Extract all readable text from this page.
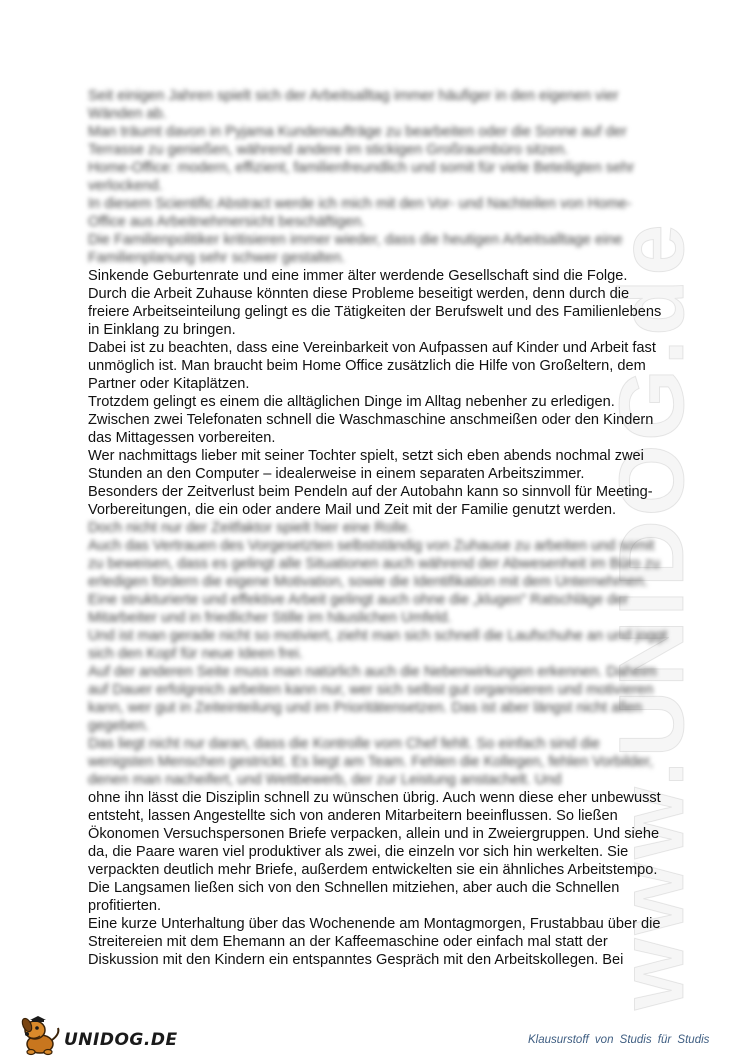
www.UNIDOG.de

Seit einigen Jahren spielt sich der Arbeitsalltag immer häufiger in den eigenen vier Wänden ab.

Man träumt davon in Pyjama Kundenaufträge zu bearbeiten oder die Sonne auf der Terrasse zu genießen, während andere im stickigen Großraumbüro sitzen.

Home-Office: modern, effizient, familienfreundlich und somit für viele Beteiligten sehr verlockend.

In diesem Scientific Abstract werde ich mich mit den Vor- und Nachteilen von Home-Office aus Arbeitnehmersicht beschäftigen.

Die Familienpolitiker kritisieren immer wieder, dass die heutigen Arbeitsalltage eine Familienplanung sehr schwer gestalten.

Sinkende Geburtenrate und eine immer älter werdende Gesellschaft sind die Folge. Durch die Arbeit Zuhause könnten diese Probleme beseitigt werden, denn durch die freiere Arbeitseinteilung gelingt es die Tätigkeiten der Berufswelt und des Familienlebens in Einklang zu bringen.

Dabei ist zu beachten, dass eine Vereinbarkeit von Aufpassen auf Kinder und Arbeit fast unmöglich ist. Man braucht beim Home Office zusätzlich die Hilfe von Großeltern, dem Partner oder Kitaplätzen.

Trotzdem gelingt es einem die alltäglichen Dinge im Alltag nebenher zu erledigen. Zwischen zwei Telefonaten schnell die Waschmaschine anschmeißen oder den Kindern das Mittagessen vorbereiten.

Wer nachmittags lieber mit seiner Tochter spielt, setzt sich eben abends nochmal zwei Stunden an den Computer – idealerweise in einem separaten Arbeitszimmer.

Besonders der Zeitverlust beim Pendeln auf der Autobahn kann so sinnvoll für Meeting-Vorbereitungen, die ein oder andere Mail und Zeit mit der Familie genutzt werden.

Doch nicht nur der Zeitfaktor spielt hier eine Rolle.

Auch das Vertrauen des Vorgesetzten selbstständig von Zuhause zu arbeiten und somit zu beweisen, dass es gelingt alle Situationen auch während der Abwesenheit im Büro zu erledigen fördern die eigene Motivation, sowie die Identifikation mit dem Unternehmen.

Eine strukturierte und effektive Arbeit gelingt auch ohne die „klugen" Ratschläge der Mitarbeiter und in friedlicher Stille im häuslichen Umfeld.

Und ist man gerade nicht so motiviert, zieht man sich schnell die Laufschuhe an und joggt sich den Kopf für neue Ideen frei.

Auf der anderen Seite muss man natürlich auch die Nebenwirkungen erkennen. Daheim auf Dauer erfolgreich arbeiten kann nur, wer sich selbst gut organisieren und motivieren kann, wer gut in Zeiteinteilung und im Prioritätensetzen. Das ist aber längst nicht allen gegeben.

Das liegt nicht nur daran, dass die Kontrolle vom Chef fehlt. So einfach sind die wenigsten Menschen gestrickt. Es liegt am Team. Fehlen die Kollegen, fehlen Vorbilder, denen man nacheifert, und Wettbewerb, der zur Leistung anstachelt. Und

ohne ihn lässt die Disziplin schnell zu wünschen übrig. Auch wenn diese eher unbewusst entsteht, lassen Angestellte sich von anderen Mitarbeitern beeinflussen. So ließen Ökonomen Versuchspersonen Briefe verpacken, allein und in Zweiergruppen. Und siehe da, die Paare waren viel produktiver als zwei, die einzeln vor sich hin werkelten. Sie verpackten deutlich mehr Briefe, außerdem entwickelten sie ein ähnliches Arbeitstempo. Die Langsamen ließen sich von den Schnellen mitziehen, aber auch die Schnellen profitierten.

Eine kurze Unterhaltung über das Wochenende am Montagmorgen, Frustabbau über die Streitereien mit dem Ehemann an der Kaffeemaschine oder einfach mal statt der Diskussion mit den Kindern ein entspanntes Gespräch mit den Arbeitskollegen. Bei

UNIDOG.DE	Klausurstoff von Studis für Studis
